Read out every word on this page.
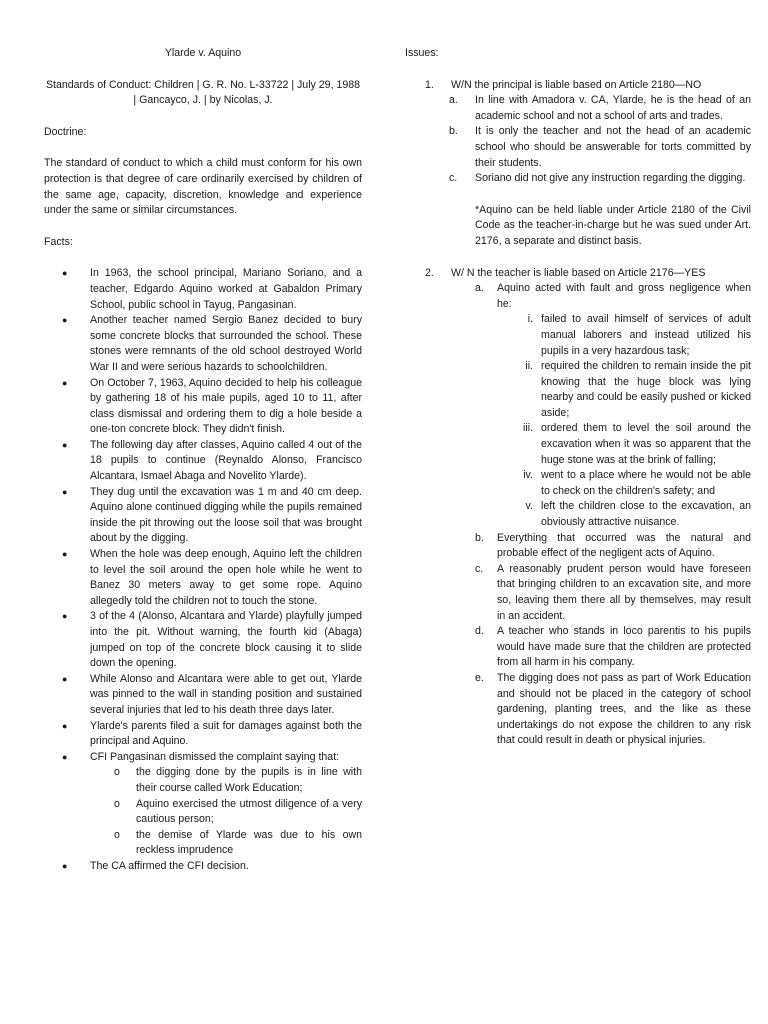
Ylarde v. Aquino

Standards of Conduct: Children | G. R. No. L-33722 | July 29, 1988 | Gancayco, J. | by Nicolas, J.

Doctrine:

The standard of conduct to which a child must conform for his own protection is that degree of care ordinarily exercised by children of the same age, capacity, discretion, knowledge and experience under the same or similar circumstances.

Facts:

● In 1963, the school principal, Mariano Soriano, and a teacher, Edgardo Aquino worked at Gabaldon Primary School, public school in Tayug, Pangasinan.
● Another teacher named Sergio Banez decided to bury some concrete blocks that surrounded the school. These stones were remnants of the old school destroyed World War II and were serious hazards to schoolchildren.
● On October 7, 1963, Aquino decided to help his colleague by gathering 18 of his male pupils, aged 10 to 11, after class dismissal and ordering them to dig a hole beside a one-ton concrete block. They didn't finish.
● The following day after classes, Aquino called 4 out of the 18 pupils to continue (Reynaldo Alonso, Francisco Alcantara, Ismael Abaga and Novelito Ylarde).
● They dug until the excavation was 1 m and 40 cm deep. Aquino alone continued digging while the pupils remained inside the pit throwing out the loose soil that was brought about by the digging.
● When the hole was deep enough, Aquino left the children to level the soil around the open hole while he went to Banez 30 meters away to get some rope. Aquino allegedly told the children not to touch the stone.
● 3 of the 4 (Alonso, Alcantara and Ylarde) playfully jumped into the pit. Without warning, the fourth kid (Abaga) jumped on top of the concrete block causing it to slide down the opening.
● While Alonso and Alcantara were able to get out, Ylarde was pinned to the wall in standing position and sustained several injuries that led to his death three days later.
● Ylarde's parents filed a suit for damages against both the principal and Aquino.
● CFI Pangasinan dismissed the complaint saying that:
o the digging done by the pupils is in line with their course called Work Education;
o Aquino exercised the utmost diligence of a very cautious person;
o the demise of Ylarde was due to his own reckless imprudence
● The CA affirmed the CFI decision.

Issues:

1. W/N the principal is liable based on Article 2180—NO
a. In line with Amadora v. CA, Ylarde, he is the head of an academic school and not a school of arts and trades.
b. It is only the teacher and not the head of an academic school who should be answerable for torts committed by their students.
c. Soriano did not give any instruction regarding the digging.

*Aquino can be held liable under Article 2180 of the Civil Code as the teacher-in-charge but he was sued under Art. 2176, a separate and distinct basis.

2. W/ N the teacher is liable based on Article 2176—YES
a. Aquino acted with fault and gross negligence when he:
i. failed to avail himself of services of adult manual laborers and instead utilized his pupils in a very hazardous task;
ii. required the children to remain inside the pit knowing that the huge block was lying nearby and could be easily pushed or kicked aside;
iii. ordered them to level the soil around the excavation when it was so apparent that the huge stone was at the brink of falling;
iv. went to a place where he would not be able to check on the children's safety; and
v. left the children close to the excavation, an obviously attractive nuisance.
b. Everything that occurred was the natural and probable effect of the negligent acts of Aquino.
c. A reasonably prudent person would have foreseen that bringing children to an excavation site, and more so, leaving them there all by themselves, may result in an accident.
d. A teacher who stands in loco parentis to his pupils would have made sure that the children are protected from all harm in his company.
e. The digging does not pass as part of Work Education and should not be placed in the category of school gardening, planting trees, and the like as these undertakings do not expose the children to any risk that could result in death or physical injuries.
